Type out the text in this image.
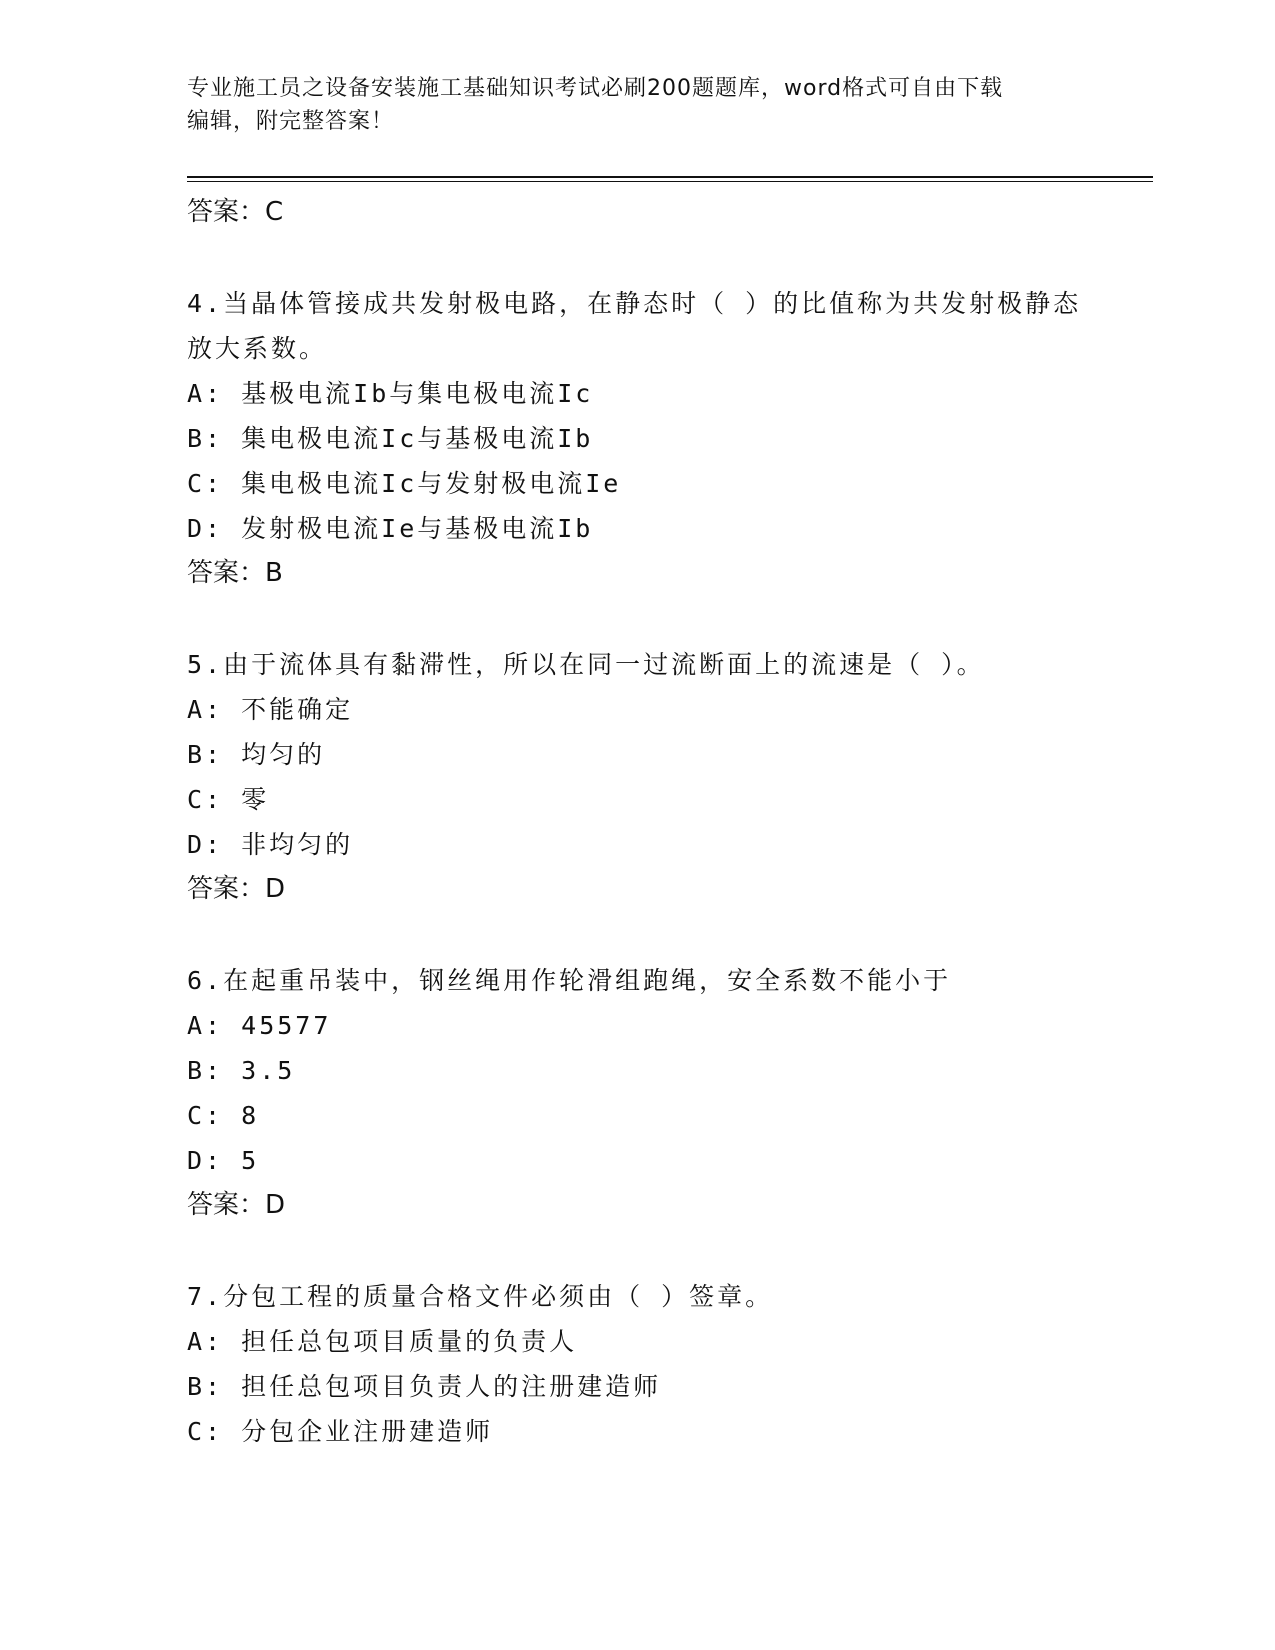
专业施工员之设备安装施工基础知识考试必刷200题题库，word格式可自由下载
编辑，附完整答案！
答案：C
4.当晶体管接成共发射极电路，在静态时（ ）的比值称为共发射极静态放大系数。
A: 基极电流Ib与集电极电流Ic
B: 集电极电流Ic与基极电流Ib
C: 集电极电流Ic与发射极电流Ie
D: 发射极电流Ie与基极电流Ib
答案：B
5.由于流体具有黏滞性，所以在同一过流断面上的流速是（ ）。
A: 不能确定
B: 均匀的
C: 零
D: 非均匀的
答案：D
6.在起重吊装中，钢丝绳用作轮滑组跑绳，安全系数不能小于
A: 45577
B: 3.5
C: 8
D: 5
答案：D
7.分包工程的质量合格文件必须由（ ）签章。
A: 担任总包项目质量的负责人
B: 担任总包项目负责人的注册建造师
C: 分包企业注册建造师
